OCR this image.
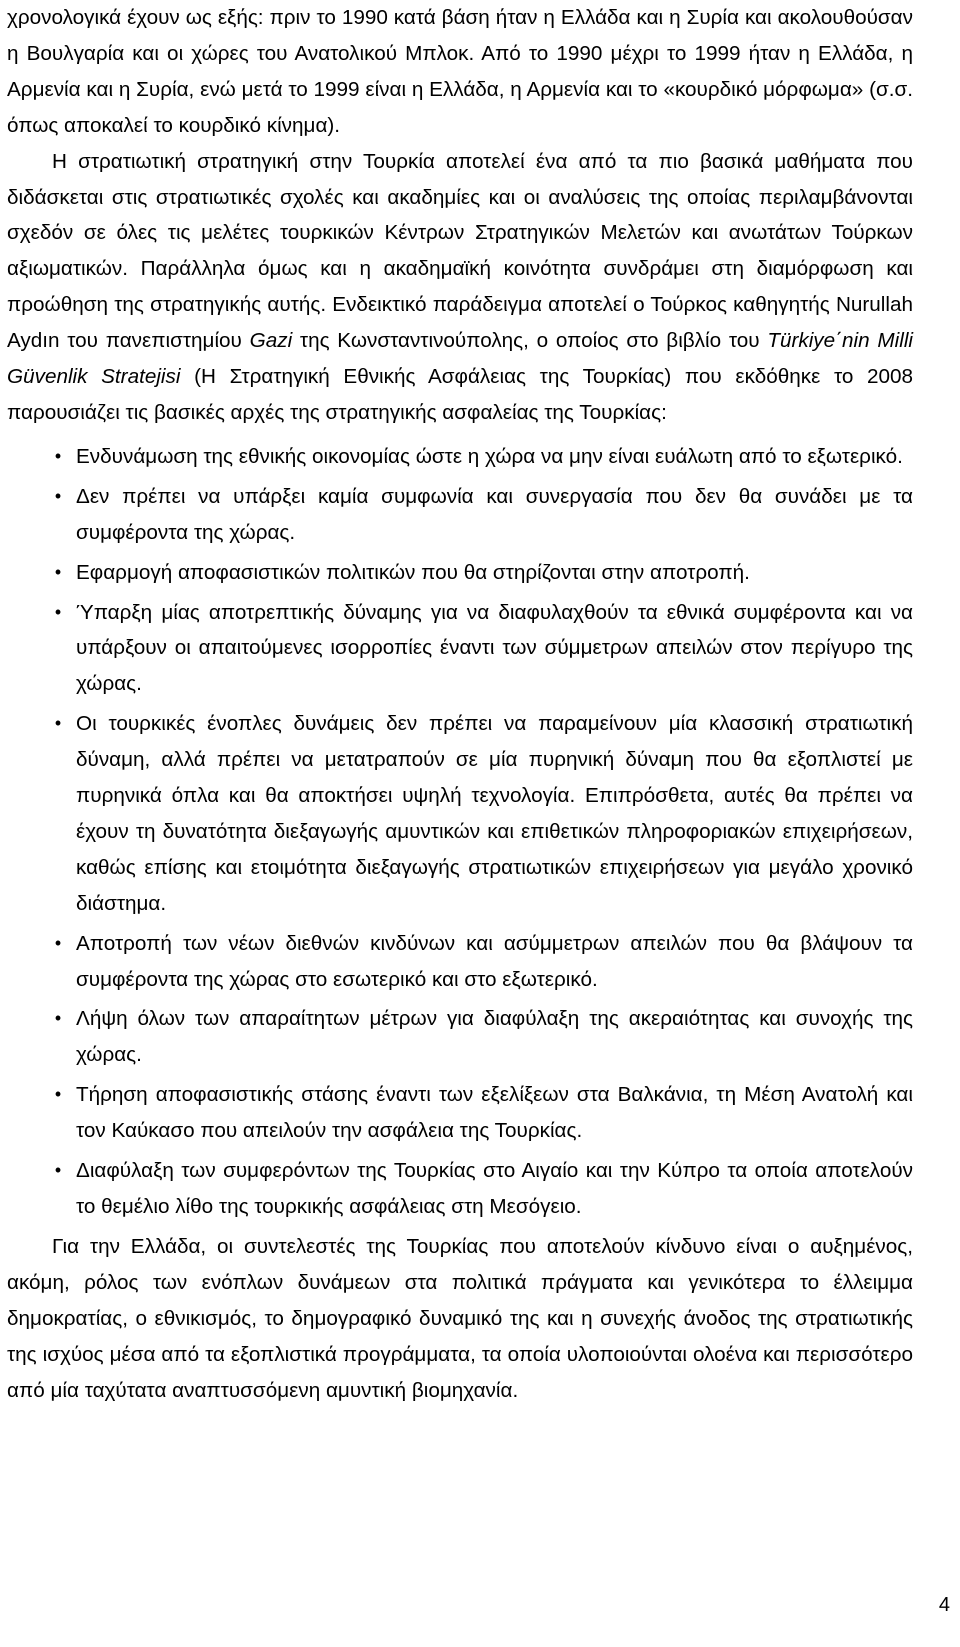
χρονολογικά έχουν ως εξής: πριν το 1990 κατά βάση ήταν η Ελλάδα και η Συρία και ακολουθούσαν η Βουλγαρία και οι χώρες του Ανατολικού Μπλοκ. Από το 1990 μέχρι το 1999 ήταν η Ελλάδα, η Αρμενία και η Συρία, ενώ μετά το 1999 είναι η Ελλάδα, η Αρμενία και το «κουρδικό μόρφωμα» (σ.σ. όπως αποκαλεί το κουρδικό κίνημα).

Η στρατιωτική στρατηγική στην Τουρκία αποτελεί ένα από τα πιο βασικά μαθήματα που διδάσκεται στις στρατιωτικές σχολές και ακαδημίες και οι αναλύσεις της οποίας περιλαμβάνονται σχεδόν σε όλες τις μελέτες τουρκικών Κέντρων Στρατηγικών Μελετών και ανωτάτων Τούρκων αξιωματικών. Παράλληλα όμως και η ακαδημαϊκή κοινότητα συνδράμει στη διαμόρφωση και προώθηση της στρατηγικής αυτής. Ενδεικτικό παράδειγμα αποτελεί ο Τούρκος καθηγητής Nurullah Aydın του πανεπιστημίου Gazi της Κωνσταντινούπολης, ο οποίος στο βιβλίο του Türkiye΄nin Milli Güvenlik Stratejisi (Η Στρατηγική Εθνικής Ασφάλειας της Τουρκίας) που εκδόθηκε το 2008 παρουσιάζει τις βασικές αρχές της στρατηγικής ασφαλείας της Τουρκίας:

• Ενδυνάμωση της εθνικής οικονομίας ώστε η χώρα να μην είναι ευάλωτη από το εξωτερικό.
• Δεν πρέπει να υπάρξει καμία συμφωνία και συνεργασία που δεν θα συνάδει με τα συμφέροντα της χώρας.
• Εφαρμογή αποφασιστικών πολιτικών που θα στηρίζονται στην αποτροπή.
• Ύπαρξη μίας αποτρεπτικής δύναμης για να διαφυλαχθούν τα εθνικά συμφέροντα και να υπάρξουν οι απαιτούμενες ισορροπίες έναντι των σύμμετρων απειλών στον περίγυρο της χώρας.
• Οι τουρκικές ένοπλες δυνάμεις δεν πρέπει να παραμείνουν μία κλασσική στρατιωτική δύναμη, αλλά πρέπει να μετατραπούν σε μία πυρηνική δύναμη που θα εξοπλιστεί με πυρηνικά όπλα και θα αποκτήσει υψηλή τεχνολογία. Επιπρόσθετα, αυτές θα πρέπει να έχουν τη δυνατότητα διεξαγωγής αμυντικών και επιθετικών πληροφοριακών επιχειρήσεων, καθώς επίσης και ετοιμότητα διεξαγωγής στρατιωτικών επιχειρήσεων για μεγάλο χρονικό διάστημα.
• Αποτροπή των νέων διεθνών κινδύνων και ασύμμετρων απειλών που θα βλάψουν τα συμφέροντα της χώρας στο εσωτερικό και στο εξωτερικό.
• Λήψη όλων των απαραίτητων μέτρων για διαφύλαξη της ακεραιότητας και συνοχής της χώρας.
• Τήρηση αποφασιστικής στάσης έναντι των εξελίξεων στα Βαλκάνια, τη Μέση Ανατολή και τον Καύκασο που απειλούν την ασφάλεια της Τουρκίας.
• Διαφύλαξη των συμφερόντων της Τουρκίας στο Αιγαίο και την Κύπρο τα οποία αποτελούν το θεμέλιο λίθο της τουρκικής ασφάλειας στη Μεσόγειο.

Για την Ελλάδα, οι συντελεστές της Τουρκίας που αποτελούν κίνδυνο είναι ο αυξημένος, ακόμη, ρόλος των ενόπλων δυνάμεων στα πολιτικά πράγματα και γενικότερα το έλλειμμα δημοκρατίας, ο εθνικισμός, το δημογραφικό δυναμικό της και η συνεχής άνοδος της στρατιωτικής της ισχύος μέσα από τα εξοπλιστικά προγράμματα, τα οποία υλοποιούνται ολοένα και περισσότερο από μία ταχύτατα αναπτυσσόμενη αμυντική βιομηχανία.

4
